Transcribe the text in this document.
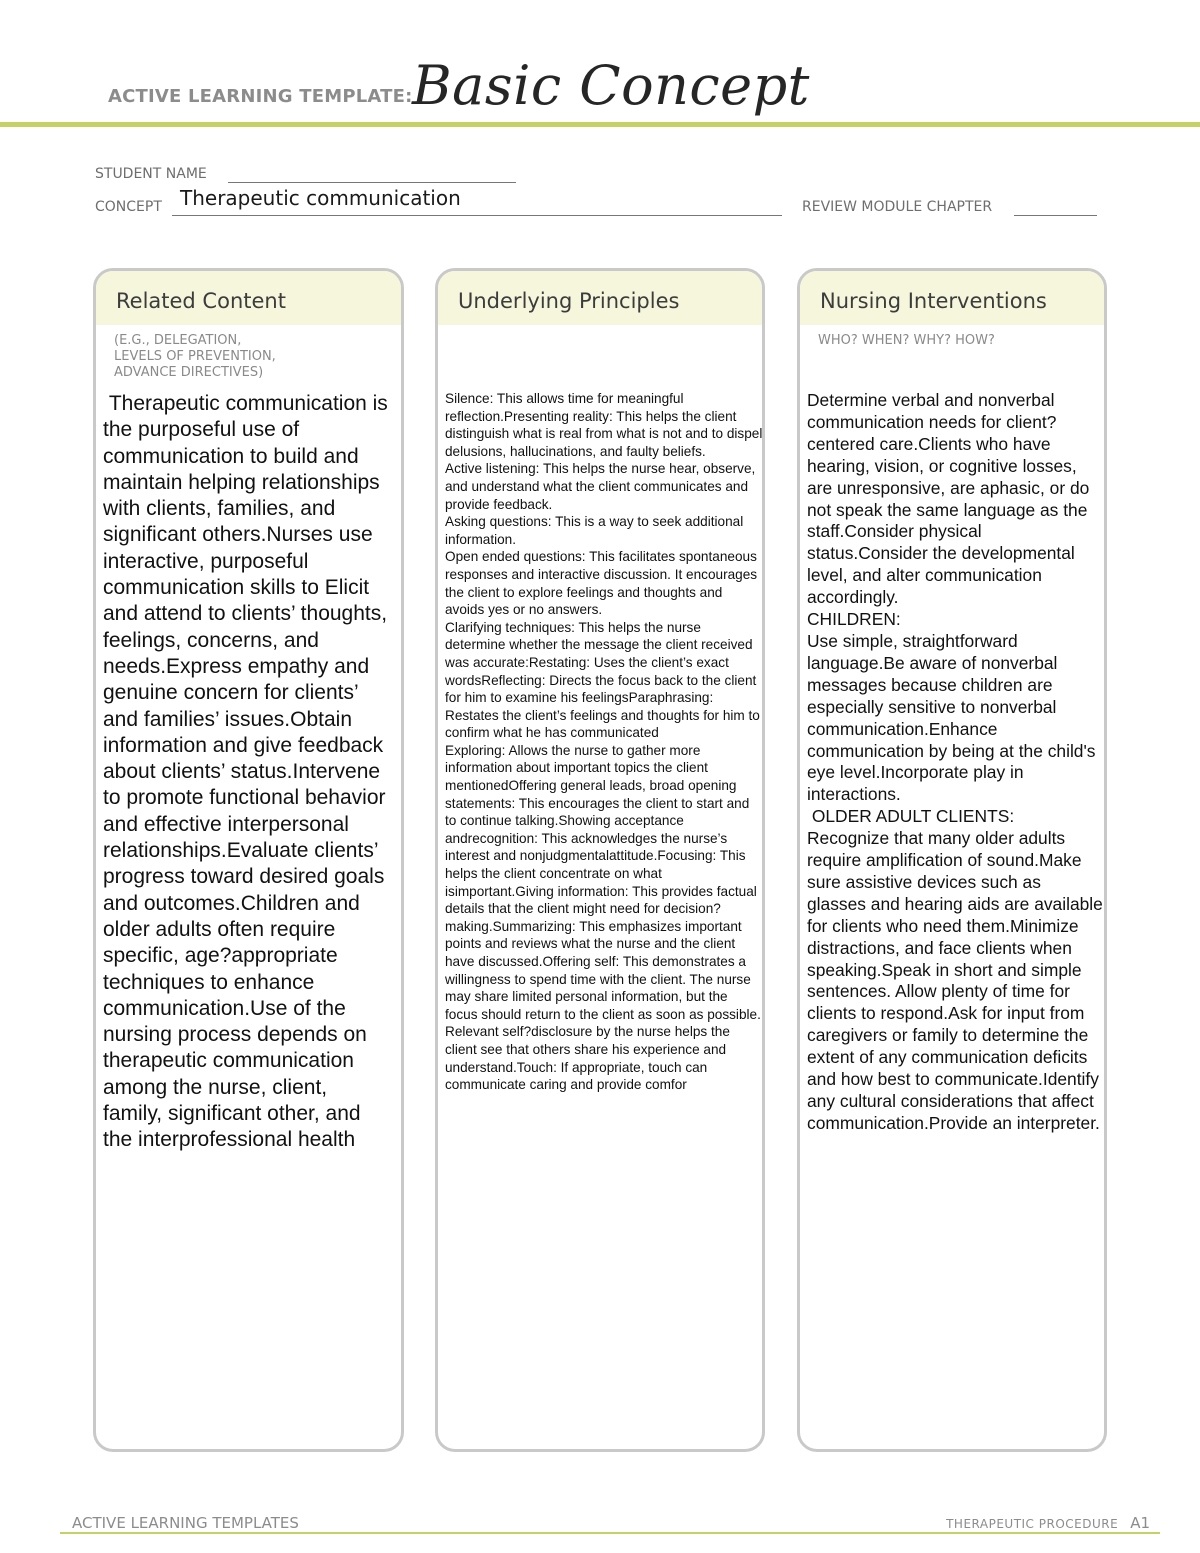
ACTIVE LEARNING TEMPLATE: Basic Concept
STUDENT NAME
CONCEPT Therapeutic communication	REVIEW MODULE CHAPTER
Related Content
(E.G., DELEGATION,
LEVELS OF PREVENTION,
ADVANCE DIRECTIVES)
Therapeutic communication is the purposeful use of communication to build and maintain helping relationships with clients, families, and significant others.Nurses use interactive, purposeful communication skills to Elicit and attend to clients’ thoughts, feelings, concerns, and needs.Express empathy and genuine concern for clients’ and families’ issues.Obtain information and give feedback about clients’ status.Intervene to promote functional behavior and effective interpersonal relationships.Evaluate clients’ progress toward desired goals and outcomes.Children and older adults often require specific, age?appropriate techniques to enhance communication.Use of the nursing process depends on therapeutic communication among the nurse, client, family, significant other, and the interprofessional health
Underlying Principles
Silence: This allows time for meaningful reflection.Presenting reality: This helps the client distinguish what is real from what is not and to dispel delusions, hallucinations, and faulty beliefs.
Active listening: This helps the nurse hear, observe, and understand what the client communicates and provide feedback.
Asking questions: This is a way to seek additional information.
Open ended questions: This facilitates spontaneous responses and interactive discussion. It encourages the client to explore feelings and thoughts and avoids yes or no answers.
Clarifying techniques: This helps the nurse determine whether the message the client received was accurate:Restating: Uses the client’s exact wordsReflecting: Directs the focus back to the client for him to examine his feelingsParaphrasing: Restates the client’s feelings and thoughts for him to confirm what he has communicated
Exploring: Allows the nurse to gather more information about important topics the client mentionedOffering general leads, broad opening statements: This encourages the client to start and to continue talking.Showing acceptance andrecognition: This acknowledges the nurse’s interest and nonjudgmentalattitude.Focusing: This helps the client concentrate on what isimportant.Giving information: This provides factual details that the client might need for decision?making.Summarizing: This emphasizes important points and reviews what the nurse and the client have discussed.Offering self: This demonstrates a willingness to spend time with the client. The nurse may share limited personal information, but the focus should return to the client as soon as possible. Relevant self?disclosure by the nurse helps the client see that others share his experience and understand.Touch: If appropriate, touch can communicate caring and provide comfor
Nursing Interventions
WHO? WHEN? WHY? HOW?
Determine verbal and nonverbal communication needs for client?centered care.Clients who have hearing, vision, or cognitive losses, are unresponsive, are aphasic, or do not speak the same language as the staff.Consider physical status.Consider the developmental level, and alter communication accordingly.
CHILDREN:
Use simple, straightforward language.Be aware of nonverbal messages because children are especially sensitive to nonverbal communication.Enhance communication by being at the child's eye level.Incorporate play in interactions.
OLDER ADULT CLIENTS:
Recognize that many older adults require amplification of sound.Make sure assistive devices such as glasses and hearing aids are available for clients who need them.Minimize distractions, and face clients when speaking.Speak in short and simple sentences. Allow plenty of time for clients to respond.Ask for input from caregivers or family to determine the extent of any communication deficits and how best to communicate.Identify any cultural considerations that affect communication.Provide an interpreter.
ACTIVE LEARNING TEMPLATES	THERAPEUTIC PROCEDURE A1
